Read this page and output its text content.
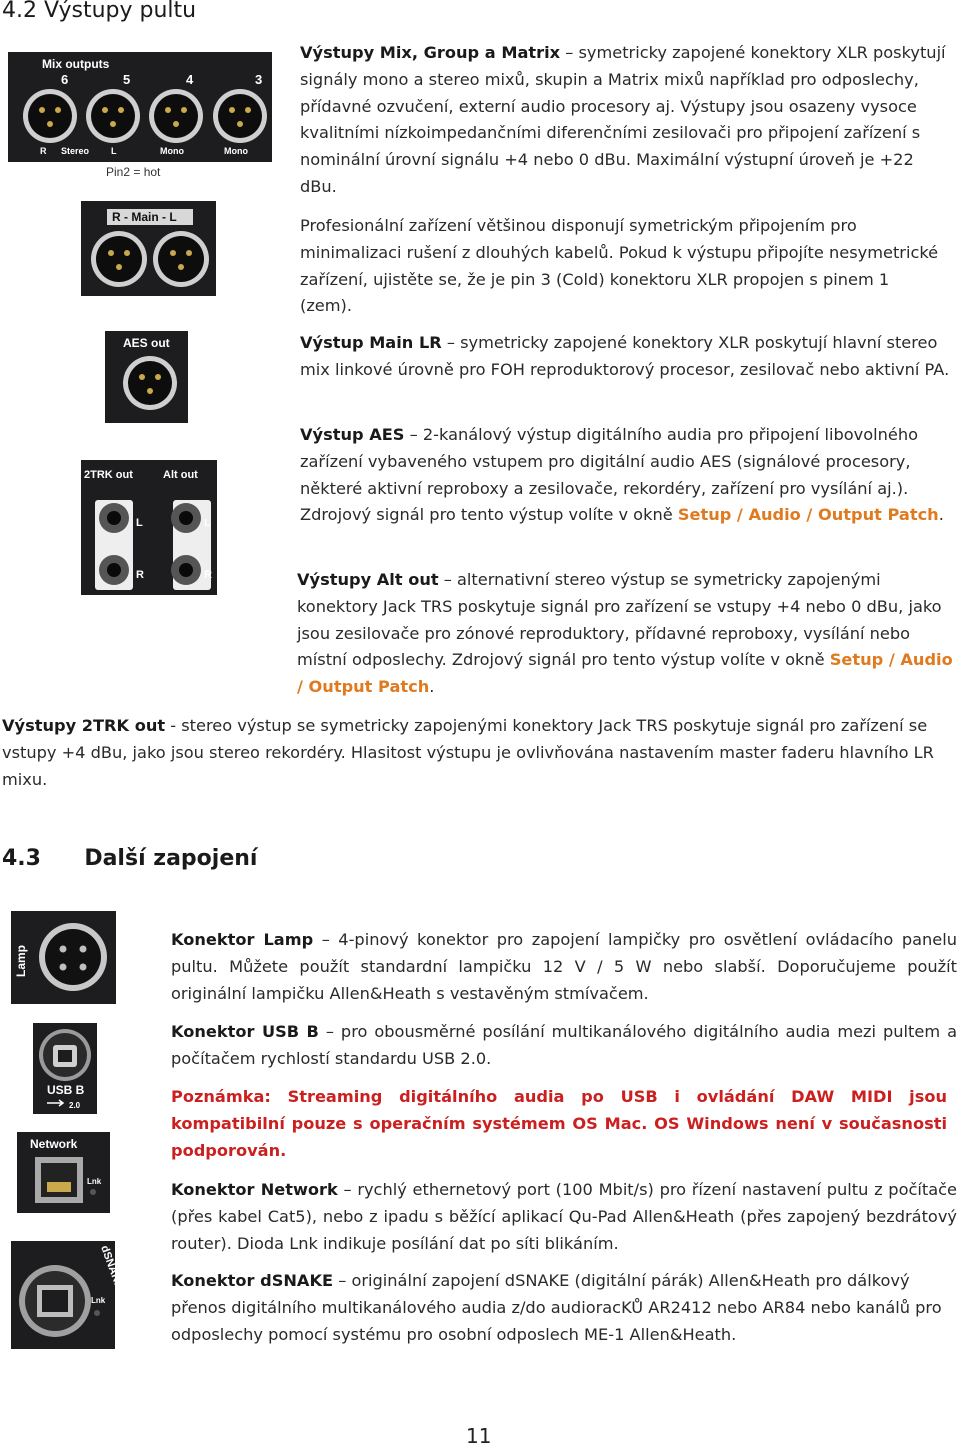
4.2 Výstupy pultu
Mix outputs
6	5	4	3
R Stereo L	Mono	Mono
Pin2 = hot
R - Main - L
AES out
2TRK out	Alt out
L
R
L
R

Výstupy Mix, Group a Matrix – symetricky zapojené konektory XLR poskytují signály mono a stereo mixů, skupin a Matrix mixů například pro odposlechy, přídavné ozvučení, externí audio procesory aj. Výstupy jsou osazeny vysoce kvalitními nízkoimpedančními diferenčními zesilovači pro připojení zařízení s nominální úrovní signálu +4 nebo 0 dBu. Maximální výstupní úroveň je +22 dBu.

Profesionální zařízení většinou disponují symetrickým připojením pro minimalizaci rušení z dlouhých kabelů. Pokud k výstupu připojíte nesymetrické zařízení, ujistěte se, že je pin 3 (Cold) konektoru XLR propojen s pinem 1 (zem).

Výstup Main LR – symetricky zapojené konektory XLR poskytují hlavní stereo mix linkové úrovně pro FOH reproduktorový procesor, zesilovač nebo aktivní PA.

Výstup AES – 2-kanálový výstup digitálního audia pro připojení libovolného zařízení vybaveného vstupem pro digitální audio AES (signálové procesory, některé aktivní reproboxy a zesilovače, rekordéry, zařízení pro vysílání aj.). Zdrojový signál pro tento výstup volíte v okně Setup / Audio / Output Patch.

Výstupy Alt out – alternativní stereo výstup se symetricky zapojenými konektory Jack TRS poskytuje signál pro zařízení se vstupy +4 nebo 0 dBu, jako jsou zesilovače pro zónové reproduktory, přídavné reproboxy, vysílání nebo místní odposlechy. Zdrojový signál pro tento výstup volíte v okně Setup / Audio / Output Patch.

Výstupy 2TRK out - stereo výstup se symetricky zapojenými konektory Jack TRS poskytuje signál pro zařízení se vstupy +4 dBu, jako jsou stereo rekordéry. Hlasitost výstupu je ovlivňována nastavením master faderu hlavního LR mixu.

4.3 Další zapojení
Lamp
USB B
2.0
Network
Lnk
dSNAKE
Lnk

Konektor Lamp – 4-pinový konektor pro zapojení lampičky pro osvětlení ovládacího panelu pultu. Můžete použít standardní lampičku 12 V / 5 W nebo slabší. Doporučujeme použít originální lampičku Allen&Heath s vestavěným stmívačem.

Konektor USB B – pro obousměrné posílání multikanálového digitálního audia mezi pultem a počítačem rychlostí standardu USB 2.0.

Poznámka: Streaming digitálního audia po USB i ovládání DAW MIDI jsou kompatibilní pouze s operačním systémem OS Mac. OS Windows není v současnosti podporován.

Konektor Network – rychlý ethernetový port (100 Mbit/s) pro řízení nastavení pultu z počítače (přes kabel Cat5), nebo z ipadu s běžící aplikací Qu-Pad Allen&Heath (přes zapojený bezdrátový router). Dioda Lnk indikuje posílání dat po síti blikáním.

Konektor dSNAKE – originální zapojení dSNAKE (digitální párák) Allen&Heath pro dálkový přenos digitálního multikanálového audia z/do audioracKŮ AR2412 nebo AR84 nebo kanálů pro odposlechy pomocí systému pro osobní odposlech ME-1 Allen&Heath.

11
